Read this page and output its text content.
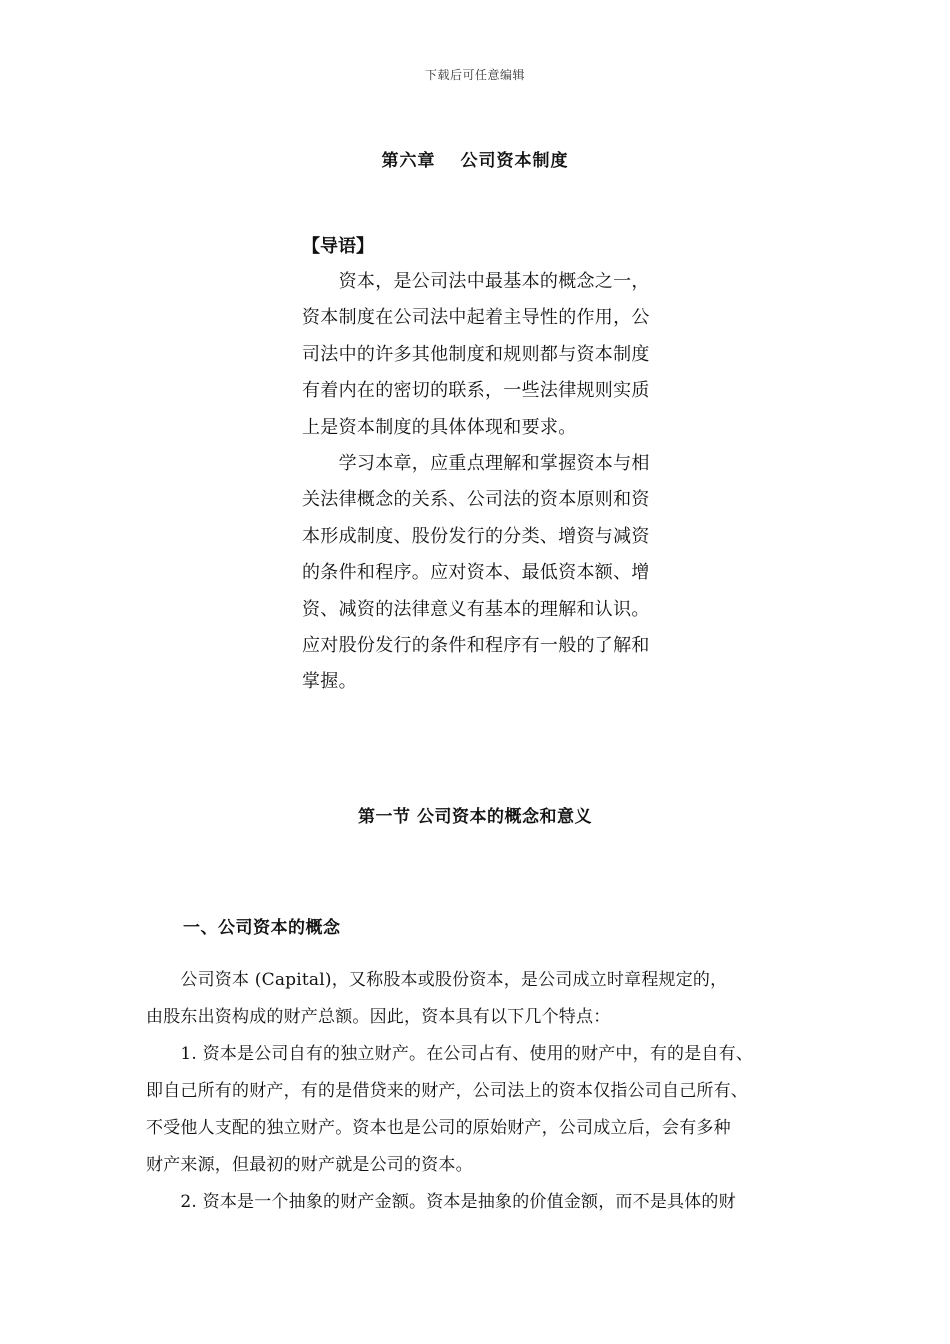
下载后可任意编辑
第六章　 公司资本制度
【导语】
　　资本，是公司法中最基本的概念之一，
资本制度在公司法中起着主导性的作用，公
司法中的许多其他制度和规则都与资本制度
有着内在的密切的联系，一些法律规则实质
上是资本制度的具体体现和要求。
　　学习本章，应重点理解和掌握资本与相
关法律概念的关系、公司法的资本原则和资
本形成制度、股份发行的分类、增资与减资
的条件和程序。应对资本、最低资本额、增
资、减资的法律意义有基本的理解和认识。
应对股份发行的条件和程序有一般的了解和
掌握。
第一节 公司资本的概念和意义
一、公司资本的概念
　　公司资本 (Capital)，又称股本或股份资本，是公司成立时章程规定的，
由股东出资构成的财产总额。因此，资本具有以下几个特点：
　　1. 资本是公司自有的独立财产。在公司占有、使用的财产中，有的是自有、
即自己所有的财产，有的是借贷来的财产，公司法上的资本仅指公司自己所有、
不受他人支配的独立财产。资本也是公司的原始财产，公司成立后，会有多种
财产来源，但最初的财产就是公司的资本。
　　2. 资本是一个抽象的财产金额。资本是抽象的价值金额，而不是具体的财
